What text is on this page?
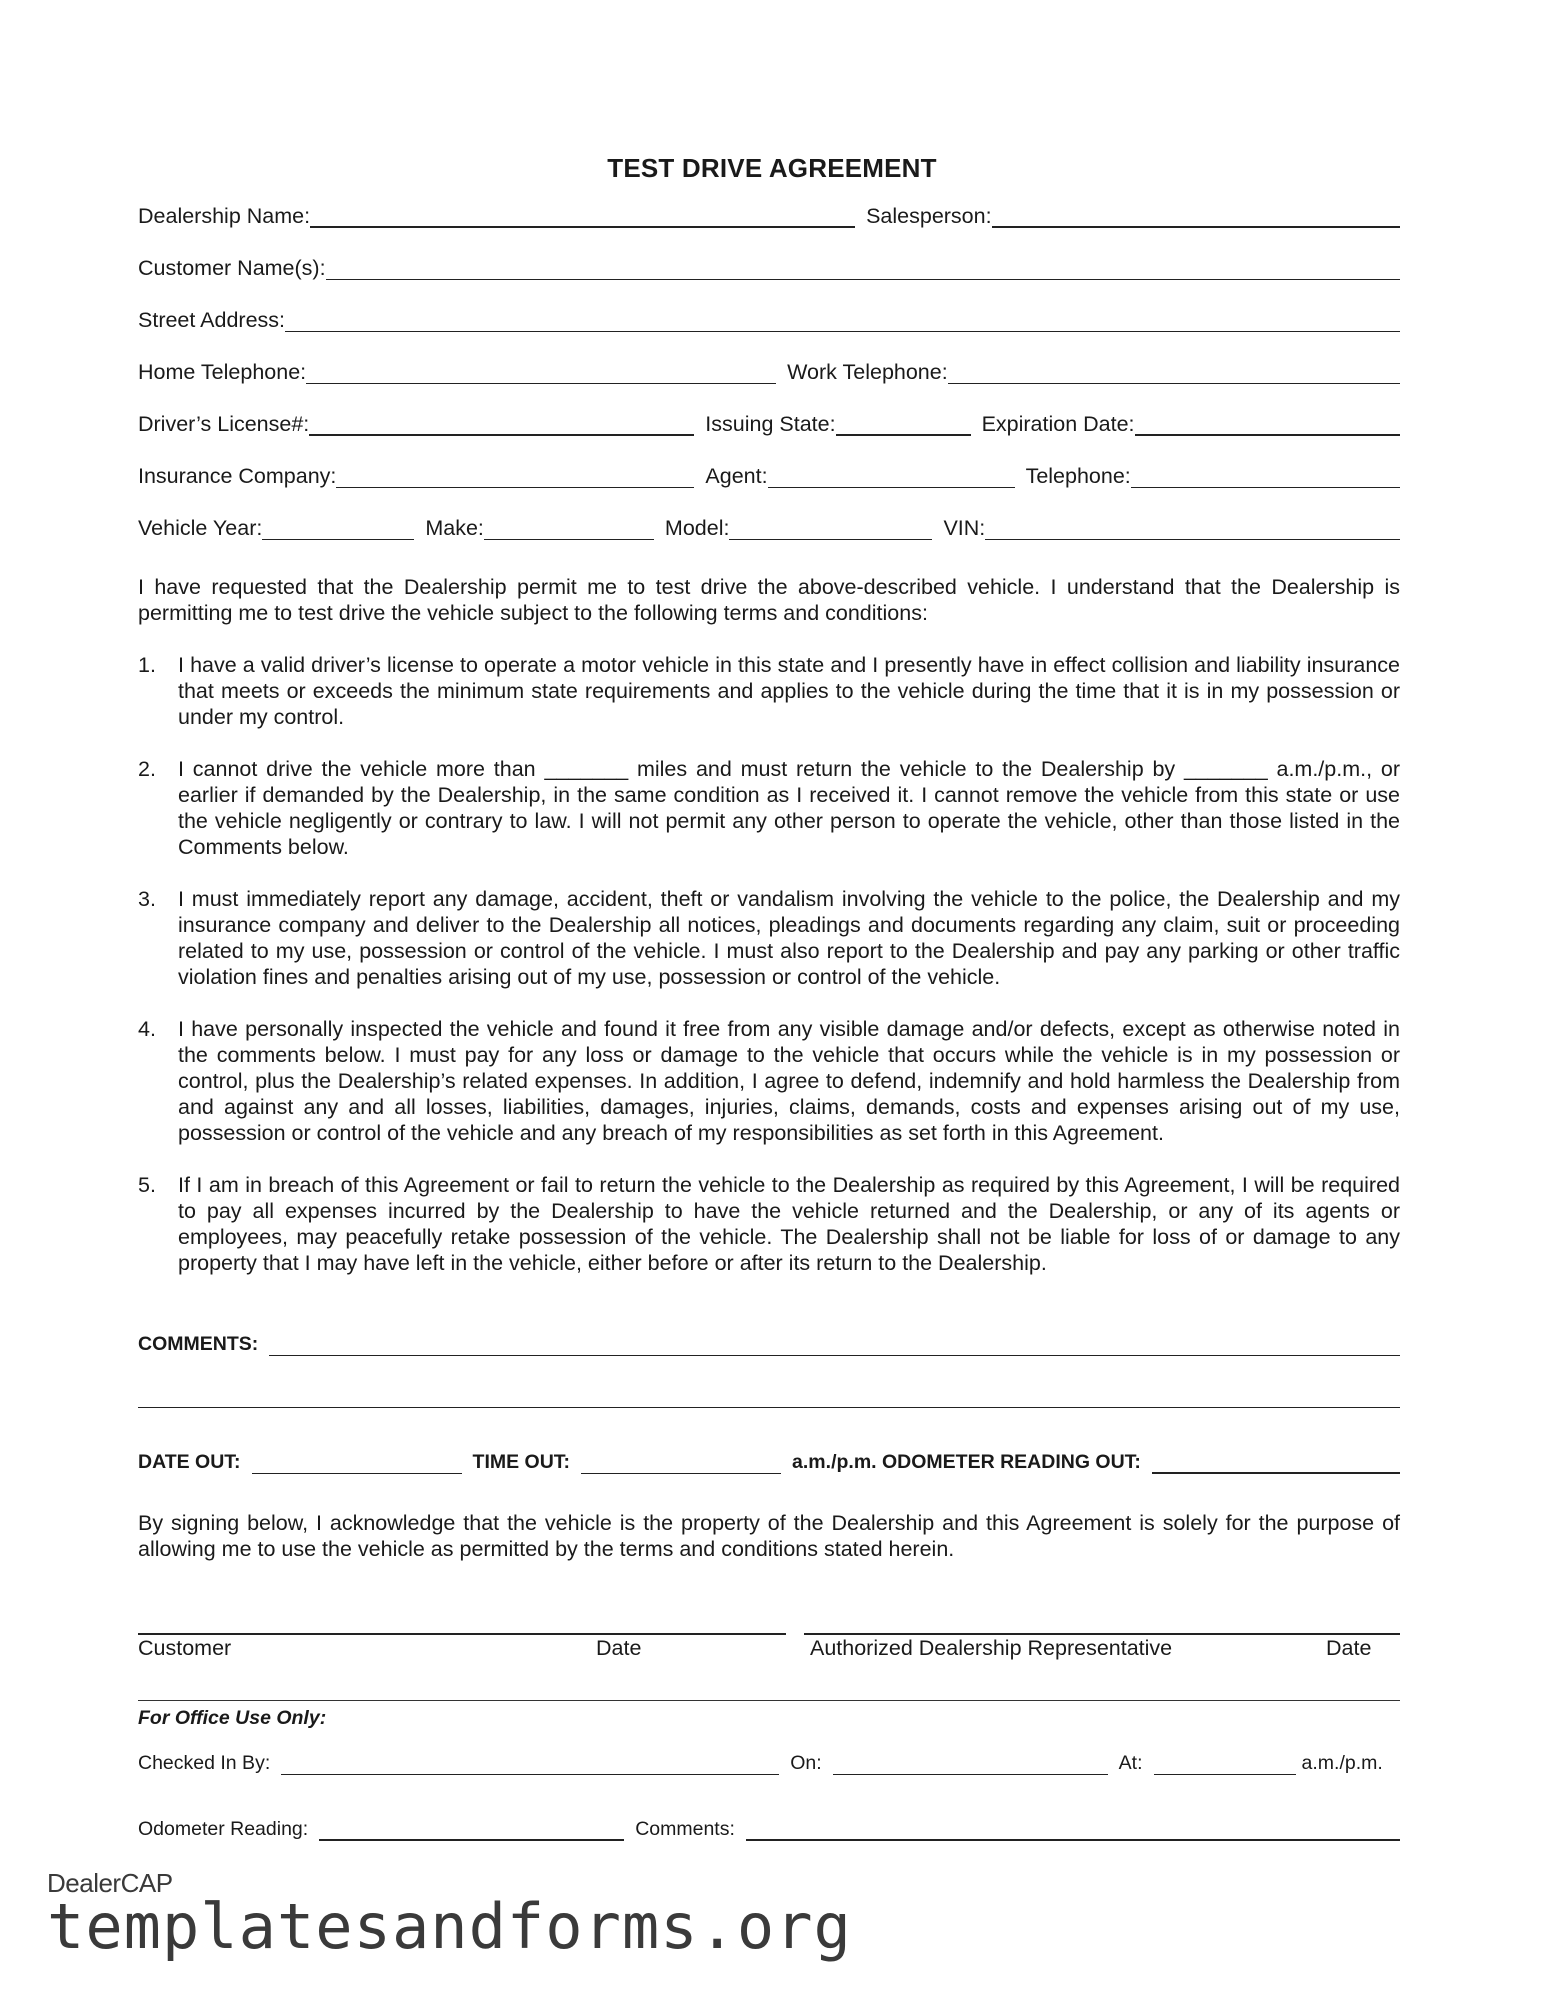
TEST DRIVE AGREEMENT
Dealership Name:	Salesperson:
Customer Name(s):
Street Address:
Home Telephone:	Work Telephone:
Driver’s License#:	Issuing State:	Expiration Date:
Insurance Company:	Agent:	Telephone:
Vehicle Year:	Make:	Model:	VIN:
I have requested that the Dealership permit me to test drive the above-described vehicle. I understand that the Dealership is permitting me to test drive the vehicle subject to the following terms and conditions:
1. I have a valid driver’s license to operate a motor vehicle in this state and I presently have in effect collision and liability insurance that meets or exceeds the minimum state requirements and applies to the vehicle during the time that it is in my possession or under my control.
2. I cannot drive the vehicle more than _______ miles and must return the vehicle to the Dealership by _______ a.m./p.m., or earlier if demanded by the Dealership, in the same condition as I received it. I cannot remove the vehicle from this state or use the vehicle negligently or contrary to law. I will not permit any other person to operate the vehicle, other than those listed in the Comments below.
3. I must immediately report any damage, accident, theft or vandalism involving the vehicle to the police, the Dealership and my insurance company and deliver to the Dealership all notices, pleadings and documents regarding any claim, suit or proceeding related to my use, possession or control of the vehicle. I must also report to the Dealership and pay any parking or other traffic violation fines and penalties arising out of my use, possession or control of the vehicle.
4. I have personally inspected the vehicle and found it free from any visible damage and/or defects, except as otherwise noted in the comments below. I must pay for any loss or damage to the vehicle that occurs while the vehicle is in my possession or control, plus the Dealership’s related expenses. In addition, I agree to defend, indemnify and hold harmless the Dealership from and against any and all losses, liabilities, damages, injuries, claims, demands, costs and expenses arising out of my use, possession or control of the vehicle and any breach of my responsibilities as set forth in this Agreement.
5. If I am in breach of this Agreement or fail to return the vehicle to the Dealership as required by this Agreement, I will be required to pay all expenses incurred by the Dealership to have the vehicle returned and the Dealership, or any of its agents or employees, may peacefully retake possession of the vehicle. The Dealership shall not be liable for loss of or damage to any property that I may have left in the vehicle, either before or after its return to the Dealership.
COMMENTS:
DATE OUT:	TIME OUT:	a.m./p.m. ODOMETER READING OUT:
By signing below, I acknowledge that the vehicle is the property of the Dealership and this Agreement is solely for the purpose of allowing me to use the vehicle as permitted by the terms and conditions stated herein.
Customer	Date	Authorized Dealership Representative	Date
For Office Use Only:
Checked In By:	On:	At:	a.m./p.m.
Odometer Reading:	Comments:
DealerCAP
templatesandforms.org
